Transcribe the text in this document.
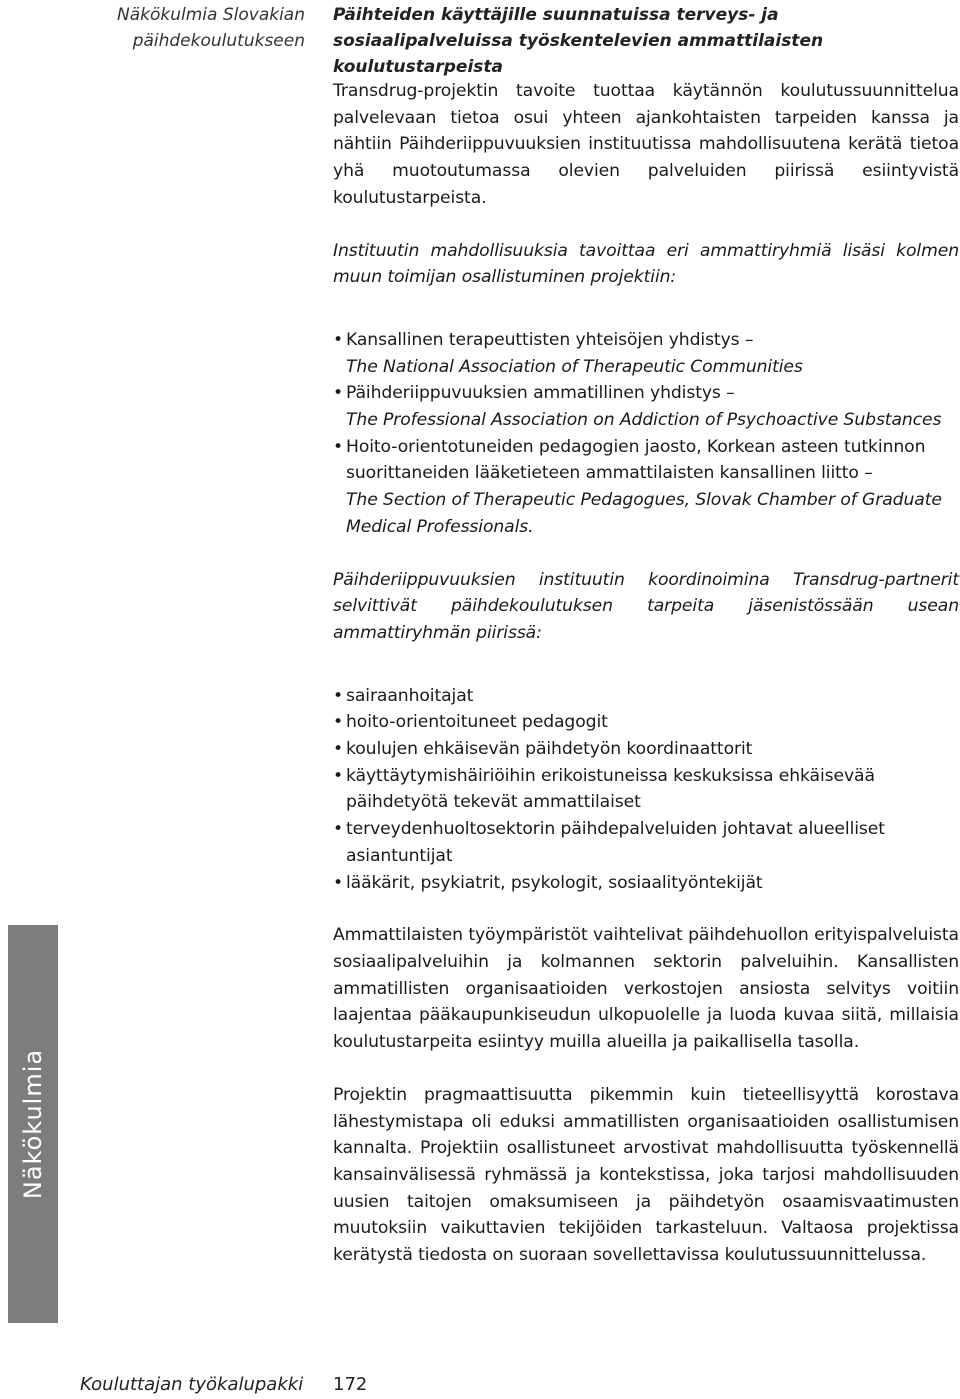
Näkökulmia Slovakian päihdekoulutukseen
Päihteiden käyttäjille suunnatuissa terveys- ja sosiaalipalveluissa työskentelevien ammattilaisten koulutustarpeista

Transdrug-projektin tavoite tuottaa käytännön koulutussuunnittelua palvelevaan tietoa osui yhteen ajankohtaisten tarpeiden kanssa ja nähtiin Päihderiippuvuuksien instituutissa mahdollisuutena kerätä tietoa yhä muotoutumassa olevien palveluiden piirissä esiintyvistä koulutustarpeista.

Instituutin mahdollisuuksia tavoittaa eri ammattiryhmiä lisäsi kolmen muun toimijan osallistuminen projektiin:

• Kansallinen terapeuttisten yhteisöjen yhdistys –
The National Association of Therapeutic Communities
• Päihderiippuvuuksien ammatillinen yhdistys –
The Professional Association on Addiction of Psychoactive Substances
• Hoito-orientotuneiden pedagogien jaosto, Korkean asteen tutkinnon suorittaneiden lääketieteen ammattilaisten kansallinen liitto –
The Section of Therapeutic Pedagogues, Slovak Chamber of Graduate Medical Professionals.

Päihderiippuvuuksien instituutin koordinoimina Transdrug-partnerit selvittivät päihdekoulutuksen tarpeita jäsenistössään usean ammattiryhmän piirissä:

• sairaanhoitajat
• hoito-orientoituneet pedagogit
• koulujen ehkäisevän päihdetyön koordinaattorit
• käyttäytymishäiriöihin erikoistuneissa keskuksissa ehkäisevää päihdetyötä tekevät ammattilaiset
• terveydenhuoltosektorin päihdepalveluiden johtavat alueelliset asiantuntijat
• lääkärit, psykiatrit, psykologit, sosiaalityöntekijät

Ammattilaisten työympäristöt vaihtelivat päihdehuollon erityispalveluista sosiaalipalveluihin ja kolmannen sektorin palveluihin. Kansallisten ammatillisten organisaatioiden verkostojen ansiosta selvitys voitiin laajentaa pääkaupunkiseudun ulkopuolelle ja luoda kuvaa siitä, millaisia koulutustarpeita esiintyy muilla alueilla ja paikallisella tasolla.

Projektin pragmaattisuutta pikemmin kuin tieteellisyyttä korostava lähestymistapa oli eduksi ammatillisten organisaatioiden osallistumisen kannalta. Projektiin osallistuneet arvostivat mahdollisuutta työskennellä kansainvälisessä ryhmässä ja kontekstissa, joka tarjosi mahdollisuuden uusien taitojen omaksumiseen ja päihdetyön osaamisvaatimusten muutoksiin vaikuttavien tekijöiden tarkasteluun. Valtaosa projektissa kerätystä tiedosta on suoraan sovellettavissa koulutussuunnittelussa.

Näkökulmia
Kouluttajan työkalupakki 172
